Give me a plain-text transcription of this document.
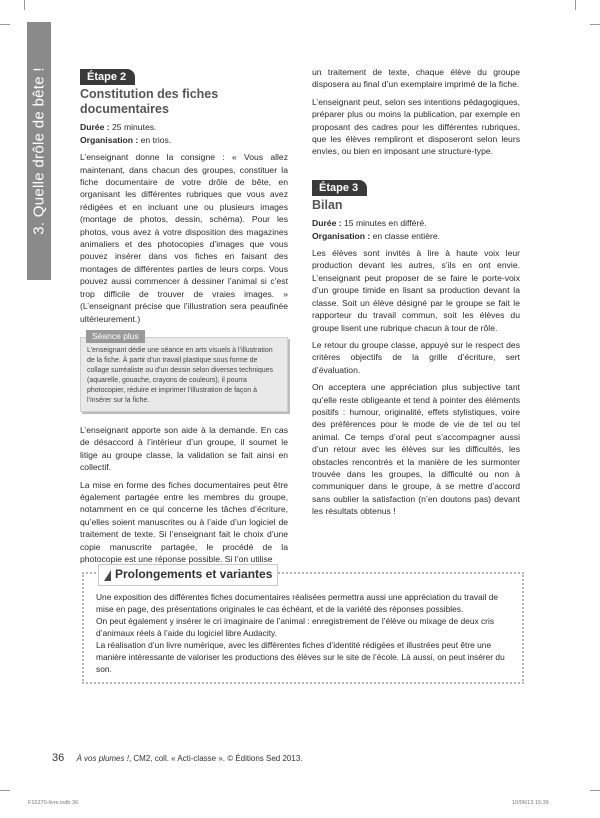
3. Quelle drôle de bête !	Étape 2
Constitution des fiches documentaires
Durée : 25 minutes.
Organisation : en trios.

L’enseignant donne la consigne : « Vous allez maintenant, dans chacun des groupes, constituer la fiche documentaire de votre drôle de bête, en organisant les différentes rubriques que vous avez rédigées et en incluant une ou plusieurs images (montage de photos, dessin, schéma). Pour les photos, vous avez à votre disposition des magazines animaliers et des photocopies d’images que vous pouvez insérer dans vos fiches en faisant des montages de différentes parties de leurs corps. Vous pouvez aussi commencer à dessiner l’animal si c’est trop difficile de trouver de vraies images. » (L’enseignant précise que l’illustration sera peaufinée ultérieurement.)

Séance plus

L’enseignant dédie une séance en arts visuels à l’illustration de la fiche. À partir d’un travail plastique sous forme de collage surréaliste ou d’un dessin selon diverses techniques (aquarelle, gouache, crayons de couleurs), il pourra photocopier, réduire et imprimer l’illustration de façon à l’insérer sur la fiche.

L’enseignant apporte son aide à la demande. En cas de désaccord à l’intérieur d’un groupe, il soumet le litige au groupe classe, la validation se fait ainsi en collectif.

La mise en forme des fiches documentaires peut être également partagée entre les membres du groupe, notamment en ce qui concerne les tâches d’écriture, qu’elles soient manuscrites ou à l’aide d’un logiciel de traitement de texte. Si l’enseignant fait le choix d’une copie manuscrite partagée, le procédé de la photocopie est une réponse possible. Si l’on utilise

un traitement de texte, chaque élève du groupe disposera au final d’un exemplaire imprimé de la fiche.

L’enseignant peut, selon ses intentions pédagogiques, préparer plus ou moins la publication, par exemple en proposant des cadres pour les différentes rubriques, que les élèves rempliront et disposeront selon leurs envies, ou bien en imposant une structure-type.

Étape 3
Bilan
Durée : 15 minutes en différé.
Organisation : en classe entière.

Les élèves sont invités à lire à haute voix leur production devant les autres, s’ils en ont envie. L’enseignant peut proposer de se faire le porte-voix d’un groupe timide en lisant sa production devant la classe. Soit un élève désigné par le groupe se fait le rapporteur du travail commun, soit les élèves du groupe lisent une rubrique chacun à tour de rôle.

Le retour du groupe classe, appuyé sur le respect des critères objectifs de la grille d’écriture, sert d’évaluation.

On acceptera une appréciation plus subjective tant qu’elle reste obligeante et tend à pointer des éléments positifs : humour, originalité, effets stylistiques, voire des préférences pour le mode de vie de tel ou tel animal. Ce temps d’oral peut s’accompagner aussi d’un retour avec les élèves sur les difficultés, les obstacles rencontrés et la manière de les surmonter trouvée dans les groupes, la difficulté ou non à communiquer dans le groupe, à se mettre d’accord sans oublier la satisfaction (n’en doutons pas) devant les résultats obtenus !

Prolongements et variantes

Une exposition des différentes fiches documentaires réalisées permettra aussi une appréciation du travail de mise en page, des présentations originales le cas échéant, et de la variété des réponses possibles.

On peut également y insérer le cri imaginaire de l’animal : enregistrement de l’élève ou mixage de deux cris d’animaux réels à l’aide du logiciel libre Audacity.

La réalisation d’un livre numérique, avec les différentes fiches d’identité rédigées et illustrées peut être une manière intéressante de valoriser les productions des élèves sur le site de l’école. Là aussi, on peut insérer du son.

36 À vos plumes !, CM2, coll. « Acti-classe ». © Éditions Sed 2013.
F16270-livre.indb 36	10/06/13 15:39
